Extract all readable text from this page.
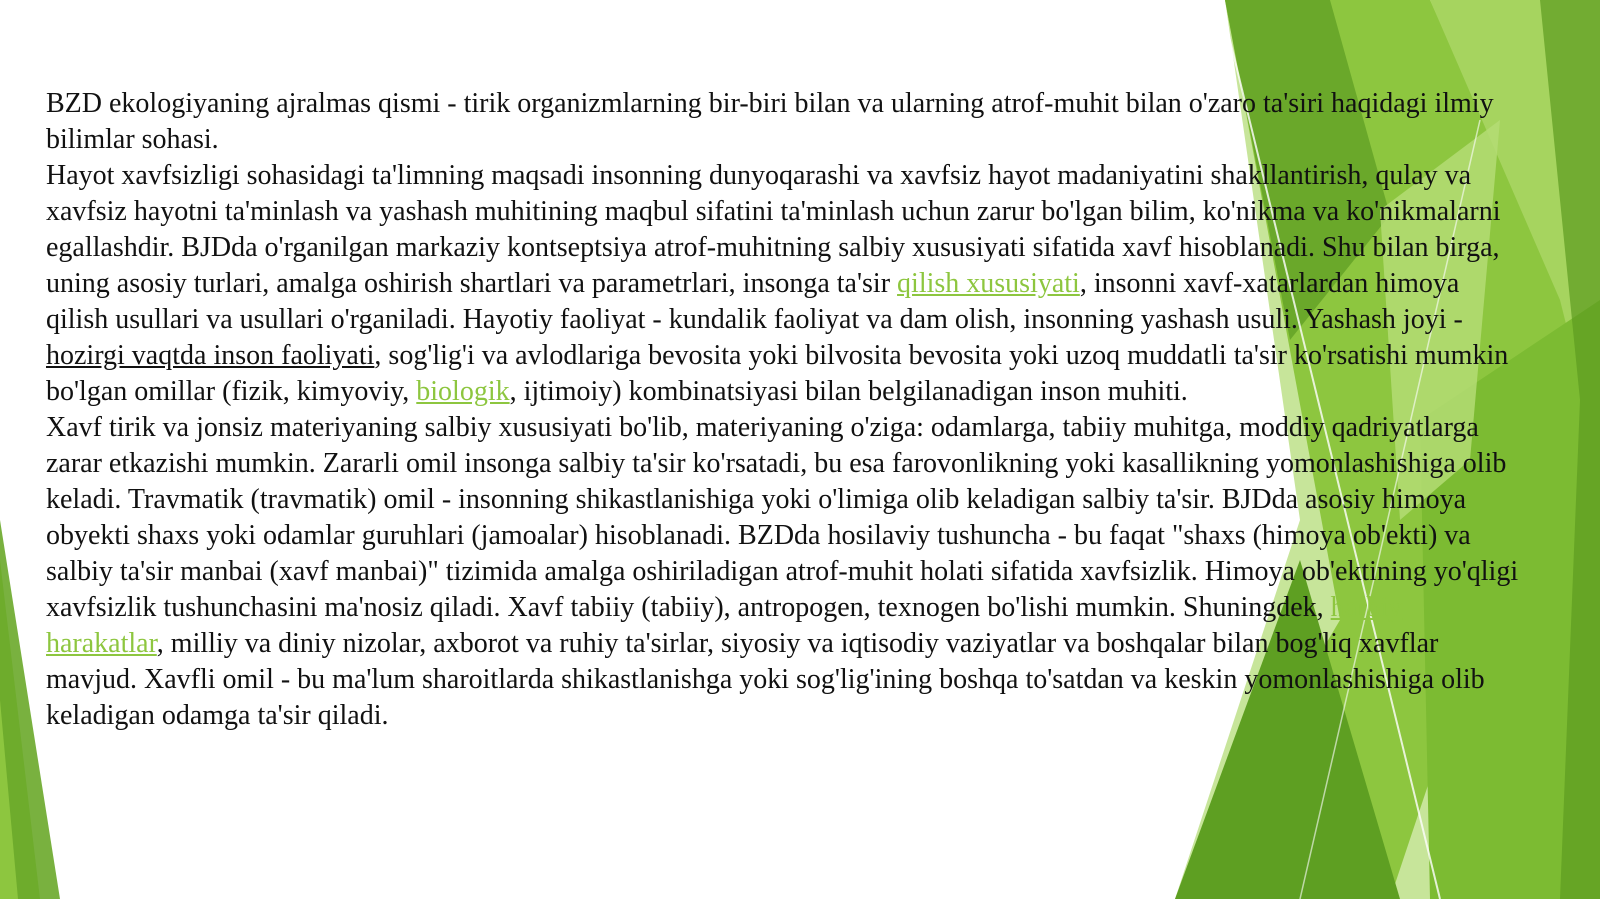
BZD ekologiyaning ajralmas qismi - tirik organizmlarning bir-biri bilan va ularning atrof-muhit bilan o'zaro ta'siri haqidagi ilmiy bilimlar sohasi.

Hayot xavfsizligi sohasidagi ta'limning maqsadi insonning dunyoqarashi va xavfsiz hayot madaniyatini shakllantirish, qulay va xavfsiz hayotni ta'minlash va yashash muhitining maqbul sifatini ta'minlash uchun zarur bo'lgan bilim, ko'nikma va ko'nikmalarni egallashdir. BJDda o'rganilgan markaziy kontseptsiya atrof-muhitning salbiy xususiyati sifatida xavf hisoblanadi. Shu bilan birga, uning asosiy turlari, amalga oshirish shartlari va parametrlari, insonga ta'sir qilish xususiyati, insonni xavf-xatarlardan himoya qilish usullari va usullari o'rganiladi. Hayotiy faoliyat - kundalik faoliyat va dam olish, insonning yashash usuli. Yashash joyi - hozirgi vaqtda inson faoliyati, sog'lig'i va avlodlariga bevosita yoki bilvosita bevosita yoki uzoq muddatli ta'sir ko'rsatishi mumkin bo'lgan omillar (fizik, kimyoviy, biologik, ijtimoiy) kombinatsiyasi bilan belgilanadigan inson muhiti.

Xavf tirik va jonsiz materiyaning salbiy xususiyati bo'lib, materiyaning o'ziga: odamlarga, tabiiy muhitga, moddiy qadriyatlarga zarar etkazishi mumkin. Zararli omil insonga salbiy ta'sir ko'rsatadi, bu esa farovonlikning yoki kasallikning yomonlashishiga olib keladi. Travmatik (travmatik) omil - insonning shikastlanishiga yoki o'limiga olib keladigan salbiy ta'sir. BJDda asosiy himoya obyekti shaxs yoki odamlar guruhlari (jamoalar) hisoblanadi. BZDda hosilaviy tushuncha - bu faqat "shaxs (himoya ob'ekti) va salbiy ta'sir manbai (xavf manbai)" tizimida amalga oshiriladigan atrof-muhit holati sifatida xavfsizlik. Himoya ob'ektining yo'qligi xavfsizlik tushunchasini ma'nosiz qiladi. Xavf tabiiy (tabiiy), antropogen, texnogen bo'lishi mumkin. Shuningdek, harbiy harakatlar, milliy va diniy nizolar, axborot va ruhiy ta'sirlar, siyosiy va iqtisodiy vaziyatlar va boshqalar bilan bog'liq xavflar mavjud. Xavfli omil - bu ma'lum sharoitlarda shikastlanishga yoki sog'lig'ining boshqa to'satdan va keskin yomonlashishiga olib keladigan odamga ta'sir qiladi.
